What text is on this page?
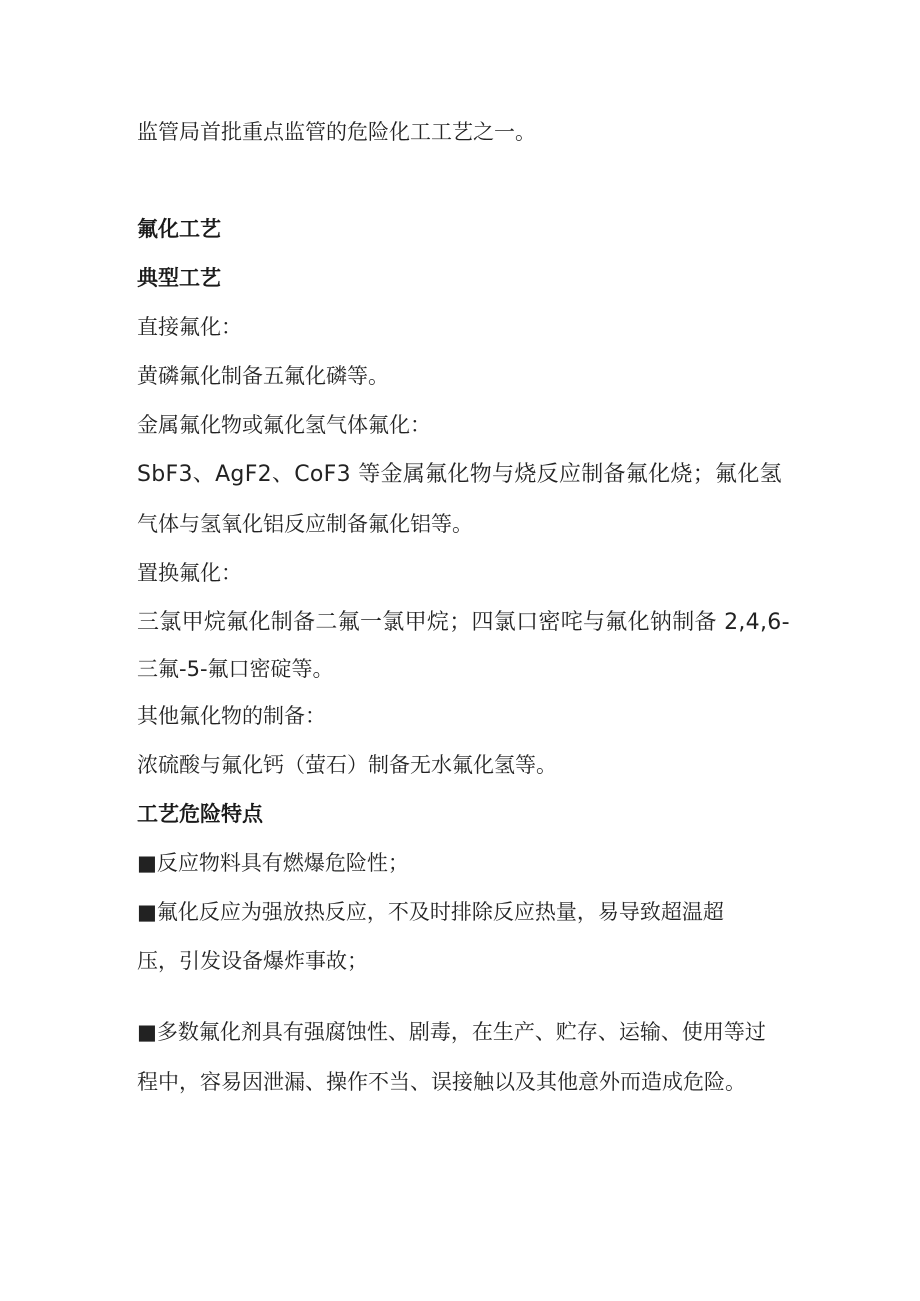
监管局首批重点监管的危险化工工艺之一。
氟化工艺
典型工艺
直接氟化：
黄磷氟化制备五氟化磷等。
金属氟化物或氟化氢气体氟化：
SbF3、AgF2、CoF3 等金属氟化物与烧反应制备氟化烧；氟化氢
气体与氢氧化铝反应制备氟化铝等。
置换氟化：
三氯甲烷氟化制备二氟一氯甲烷；四氯口密咤与氟化钠制备 2,4,6-
三氟-5-氟口密碇等。
其他氟化物的制备：
浓硫酸与氟化钙（萤石）制备无水氟化氢等。
工艺危险特点
■反应物料具有燃爆危险性；
■氟化反应为强放热反应，不及时排除反应热量，易导致超温超
压，引发设备爆炸事故；
■多数氟化剂具有强腐蚀性、剧毒，在生产、贮存、运输、使用等过
程中，容易因泄漏、操作不当、误接触以及其他意外而造成危险。
